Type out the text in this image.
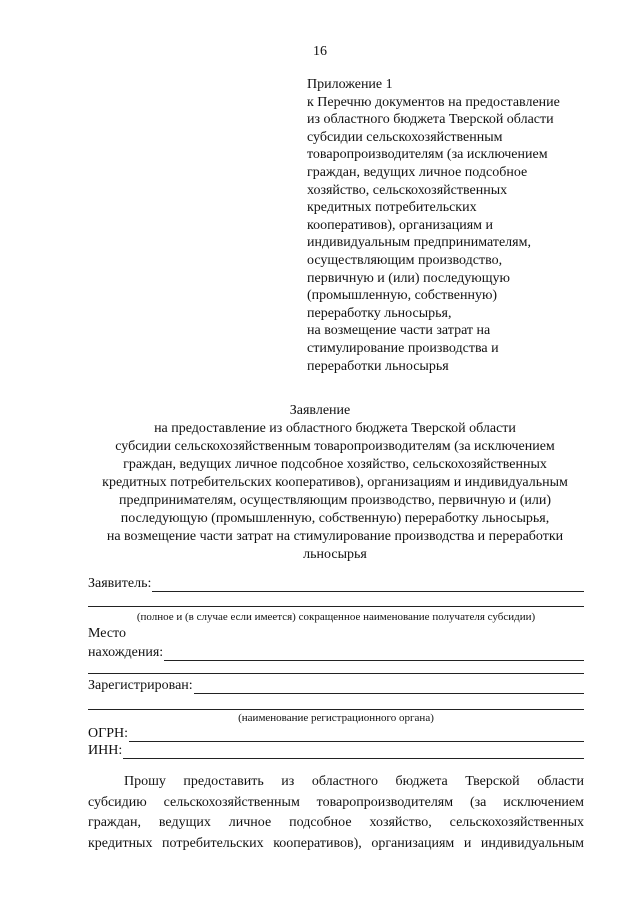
16
Приложение 1
к Перечню документов на предоставление
из областного бюджета Тверской области
субсидии сельскохозяйственным
товаропроизводителям (за исключением
граждан, ведущих личное подсобное
хозяйство, сельскохозяйственных
кредитных потребительских
кооперативов), организациям и
индивидуальным предпринимателям,
осуществляющим производство,
первичную и (или) последующую
(промышленную, собственную)
переработку льносырья,
на возмещение части затрат на
стимулирование производства и
переработки льносырья
Заявление
на предоставление из областного бюджета Тверской области
субсидии сельскохозяйственным товаропроизводителям (за исключением
граждан, ведущих личное подсобное хозяйство, сельскохозяйственных
кредитных потребительских кооперативов), организациям и индивидуальным
предпринимателям, осуществляющим производство, первичную и (или)
последующую (промышленную, собственную) переработку льносырья,
на возмещение части затрат на стимулирование производства и переработки
льносырья
Заявитель:
(полное и (в случае если имеется) сокращенное наименование получателя субсидии)
Место
нахождения:
Зарегистрирован:
(наименование регистрационного органа)
ОГРН:
ИНН:
Прошу предоставить из областного бюджета Тверской области
субсидию сельскохозяйственным товаропроизводителям (за исключением
граждан, ведущих личное подсобное хозяйство, сельскохозяйственных
кредитных потребительских кооперативов), организациям и индивидуальным
